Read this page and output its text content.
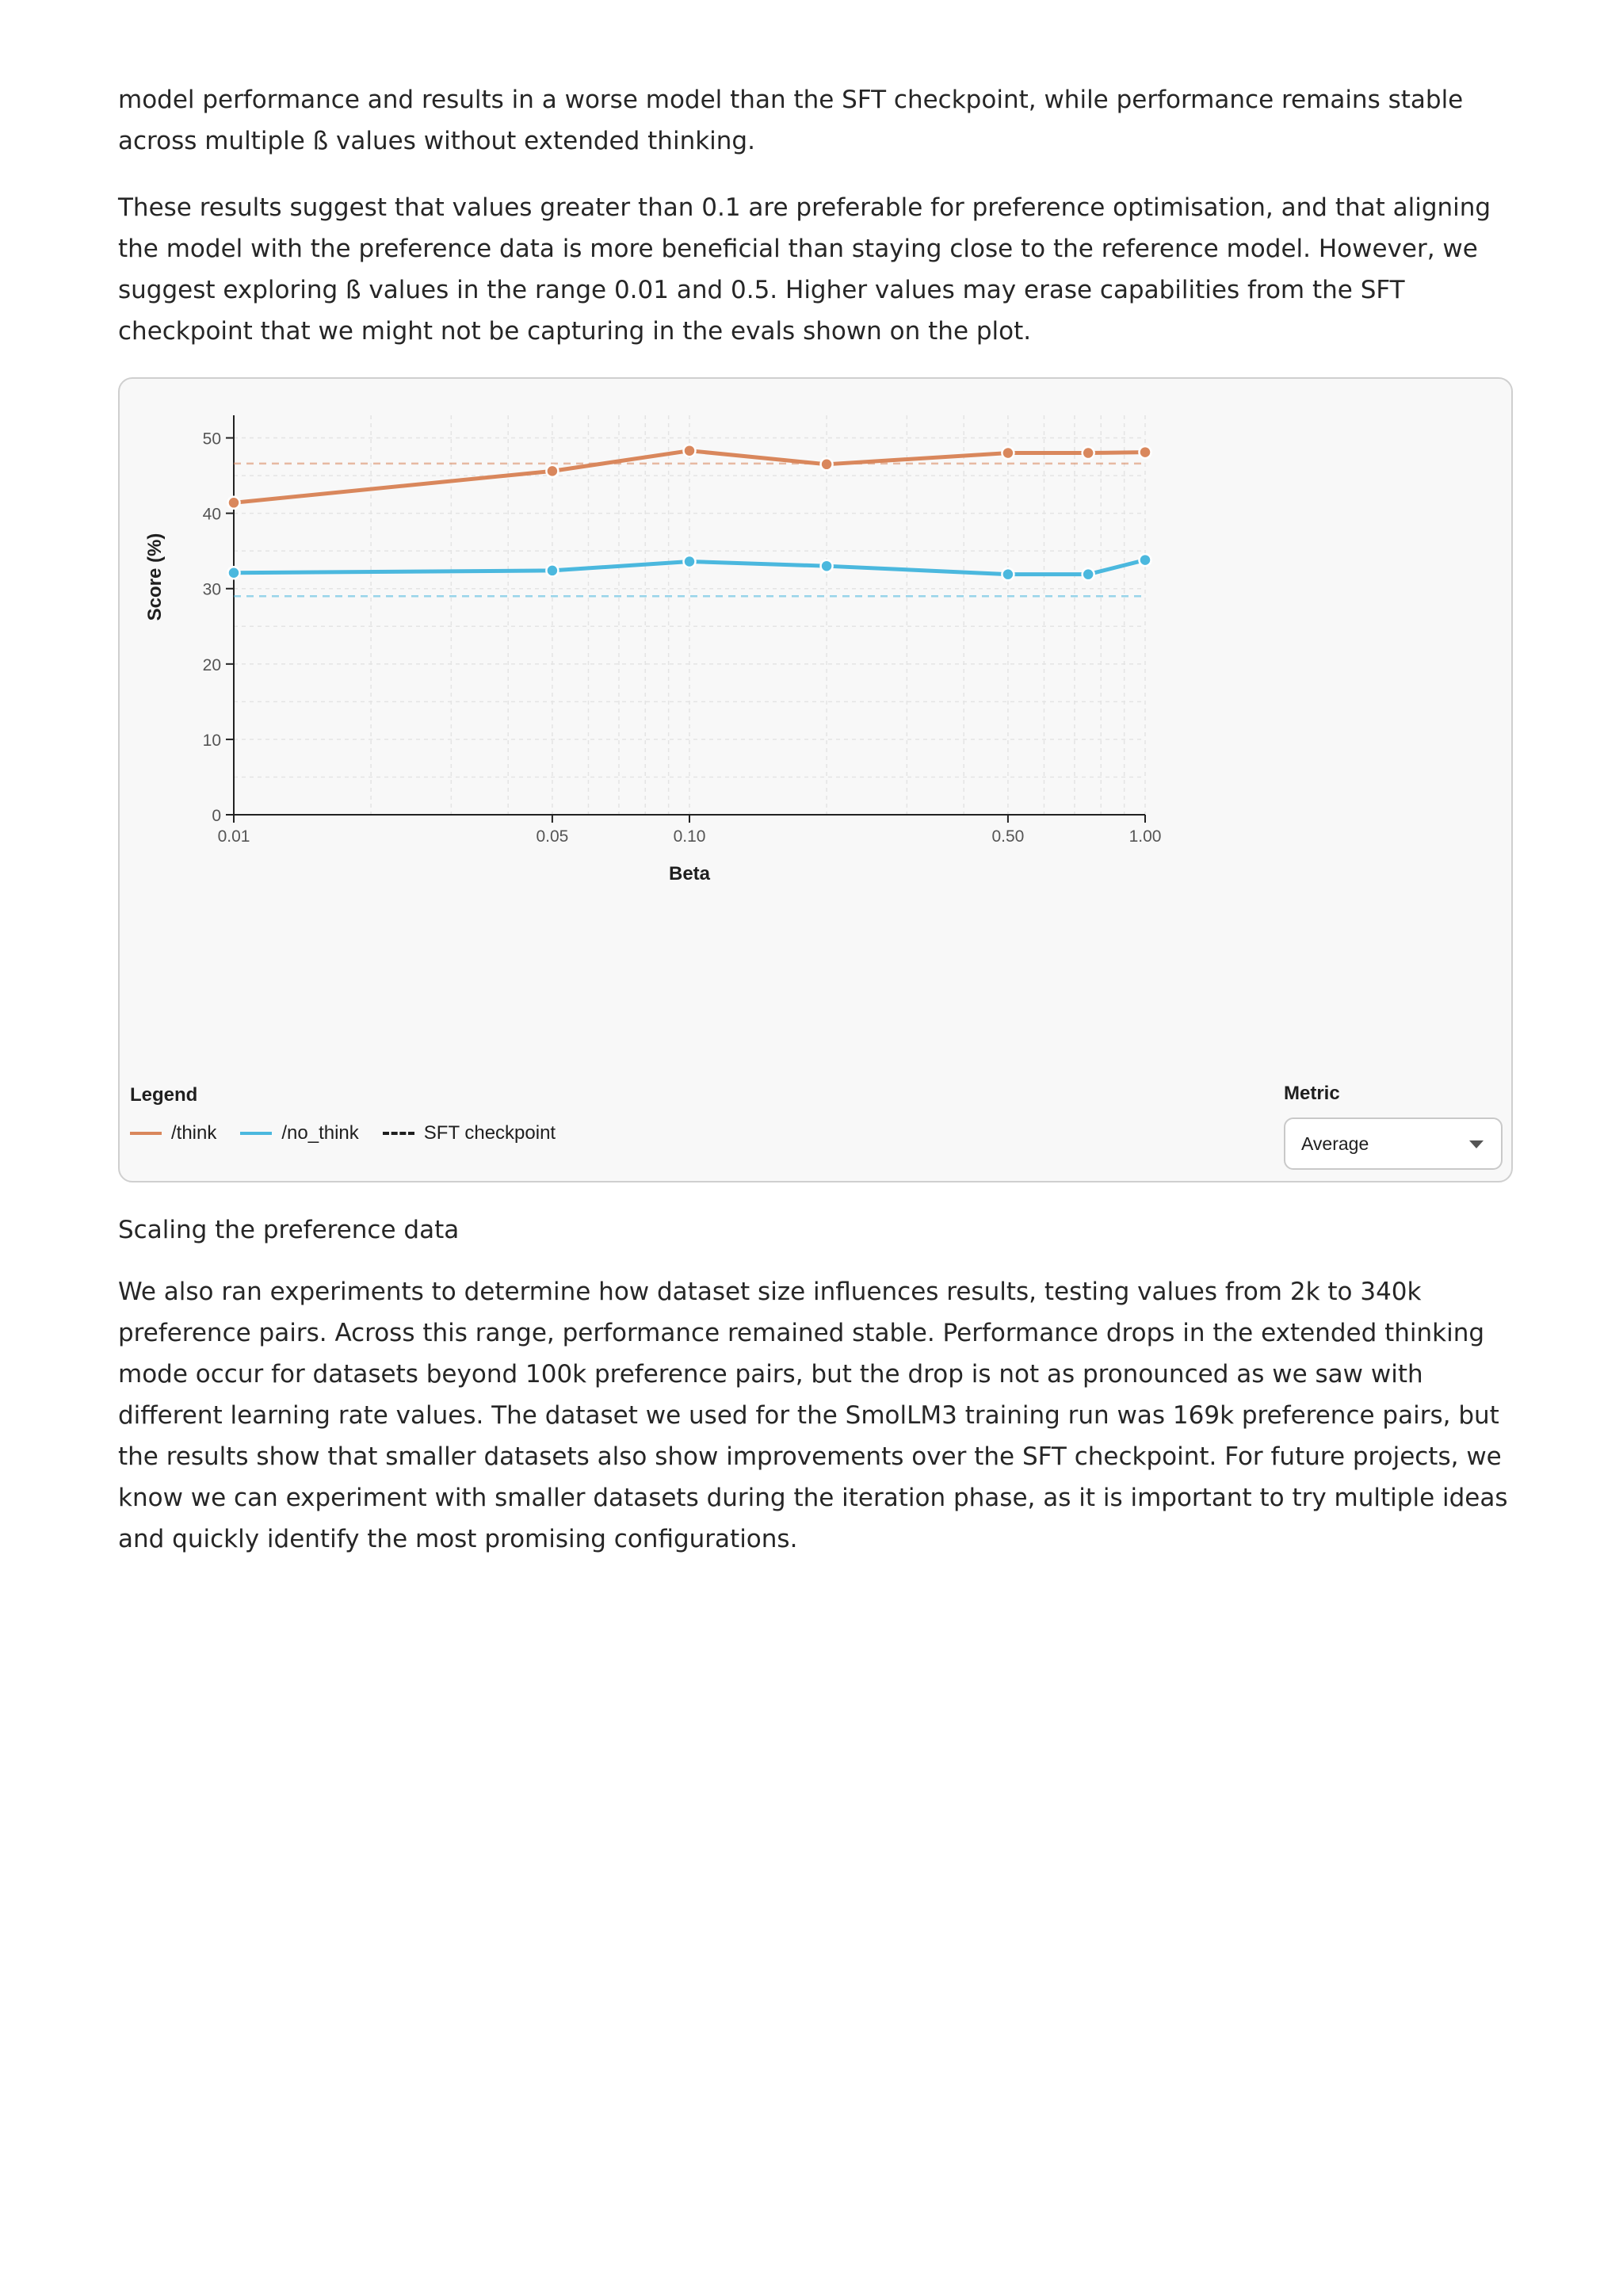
model performance and results in a worse model than the SFT checkpoint, while performance remains stable across multiple ß values without extended thinking.

These results suggest that values greater than 0.1 are preferable for preference optimisation, and that aligning the model with the preference data is more beneficial than staying close to the reference model. However, we suggest exploring ß values in the range 0.01 and 0.5. Higher values may erase capabilities from the SFT checkpoint that we might not be capturing in the evals shown on the plot.

0
10
20
30
40
50
0.01	0.05	0.10	0.50	1.00
Beta
Score (%)
Legend
/think	/no_think	SFT checkpoint
Metric
Average

Scaling the preference data

We also ran experiments to determine how dataset size influences results, testing values from 2k to 340k preference pairs. Across this range, performance remained stable. Performance drops in the extended thinking mode occur for datasets beyond 100k preference pairs, but the drop is not as pronounced as we saw with different learning rate values. The dataset we used for the SmolLM3 training run was 169k preference pairs, but the results show that smaller datasets also show improvements over the SFT checkpoint. For future projects, we know we can experiment with smaller datasets during the iteration phase, as it is important to try multiple ideas and quickly identify the most promising configurations.
